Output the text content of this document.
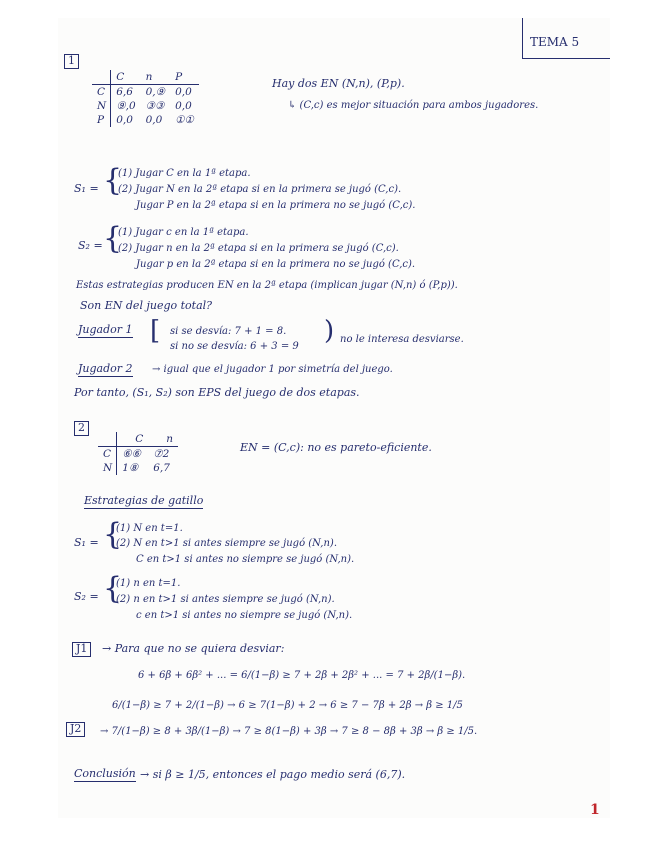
TEMA 5
1
	C	n	P
C	6,6	0,⑨	0,0
N	⑨,0	③③	0,0
P	0,0	0,0	①①
Hay dos EN (N,n), (P,p).
↳ (C,c) es mejor situación para ambos jugadores.
S₁ = {
(1) Jugar C en la 1ª etapa.
(2) Jugar N en la 2ª etapa si en la primera se jugó (C,c).
Jugar P en la 2ª etapa si en la primera no se jugó (C,c).
S₂ = {
(1) Jugar c en la 1ª etapa.
(2) Jugar n en la 2ª etapa si en la primera se jugó (C,c).
Jugar p en la 2ª etapa si en la primera no se jugó (C,c).
Estas estrategias producen EN en la 2ª etapa (implican jugar (N,n) ó (P,p)).
Son EN del juego total?
Jugador 1 [ si se desvía: 7 + 1 = 8.
si no se desvía: 6 + 3 = 9
) no le interesa desviarse.
Jugador 2 → igual que el jugador 1 por simetría del juego.
Por tanto, (S₁, S₂) son EPS del juego de dos etapas.
2
	C	n
C	⑥⑥	⑦2
N	1⑧	6,7
EN = (C,c): no es pareto-eficiente.
Estrategias de gatillo
S₁ = {
(1) N en t=1.
(2) N en t>1 si antes siempre se jugó (N,n).
C en t>1 si antes no siempre se jugó (N,n).
S₂ = {
(1) n en t=1.
(2) n en t>1 si antes siempre se jugó (N,n).
c en t>1 si antes no siempre se jugó (N,n).
J1	→ Para que no se quiera desviar:
6 + 6β + 6β² + ... = 6/(1−β) ≥ 7 + 2β + 2β² + ... = 7 + 2β/(1−β).
6/(1−β) ≥ 7 + 2/(1−β) → 6 ≥ 7(1−β) + 2 → 6 ≥ 7 − 7β + 2β → β ≥ 1/5
J2	→ 7/(1−β) ≥ 8 + 3β/(1−β) → 7 ≥ 8(1−β) + 3β → 7 ≥ 8 − 8β + 3β → β ≥ 1/5.
Conclusión → si β ≥ 1/5, entonces el pago medio será (6,7).
1
